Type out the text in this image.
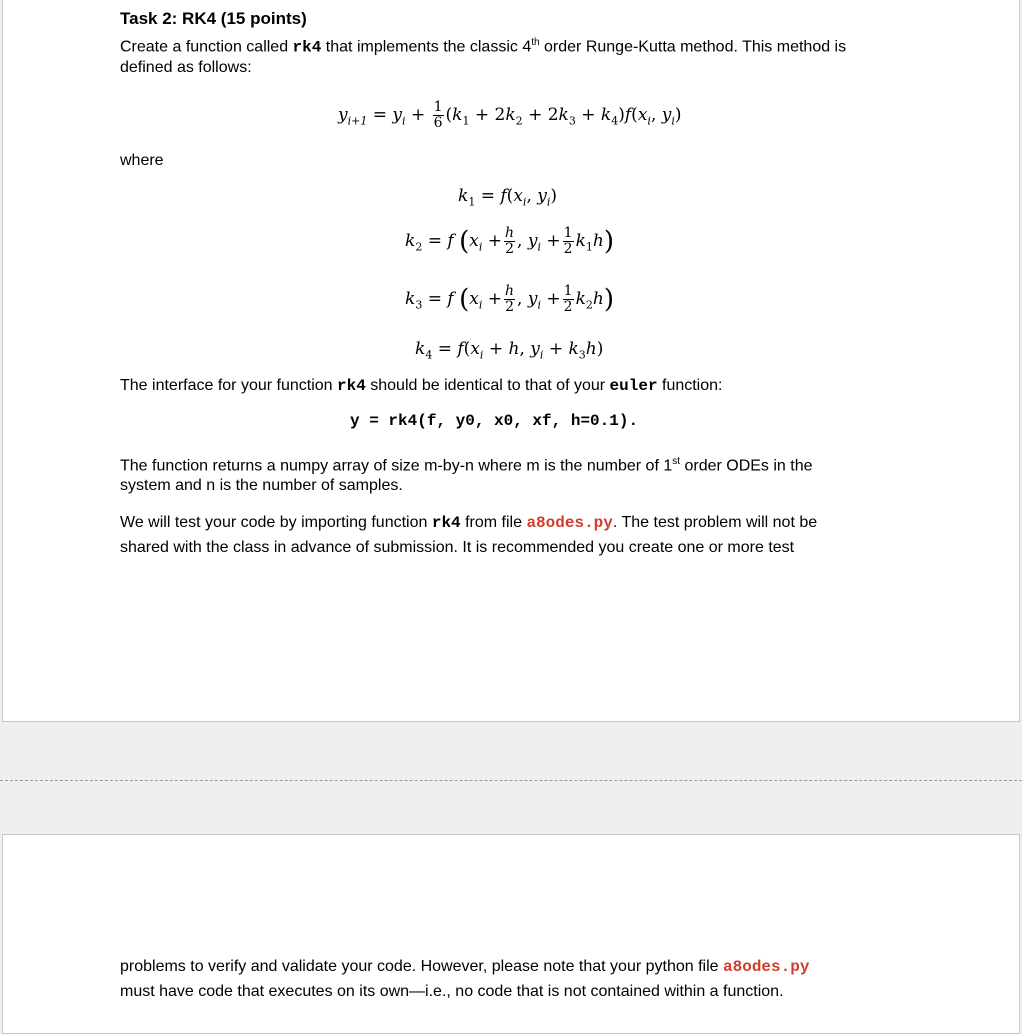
Task 2: RK4 (15 points)
Create a function called rk4 that implements the classic 4th order Runge-Kutta method. This method is
defined as follows:
$y_{i+1} = y_i + \frac{1}{6} (k_1 + 2k_2 + 2k_3 + k_4)f(x_i$, $y_i$)
where
$k_1 = f(x_i$, $y_i$)
$k_2 = f$ ($x_i + \frac{h}{2}$ , $y_i + \frac{1}{2} k_1h$)
$k_3 = f$ ($x_i + \frac{h}{2}$ , $y_i + \frac{1}{2} k_2h$)
$k_4 = f(x_i + h$, $y_i + k_3h$)
The interface for your function rk4 should be identical to that of your euler function:
y = rk4(f, y0, x0, xf, h=0.1).
The function returns a numpy array of size m-by-n where m is the number of 1st order ODEs in the
system and n is the number of samples.
We will test your code by importing function rk4 from file a8odes.py. The test problem will not be
shared with the class in advance of submission. It is recommended you create one or more test
problems to verify and validate your code. However, please note that your python file a8odes.py
must have code that executes on its own—i.e., no code that is not contained within a function.
